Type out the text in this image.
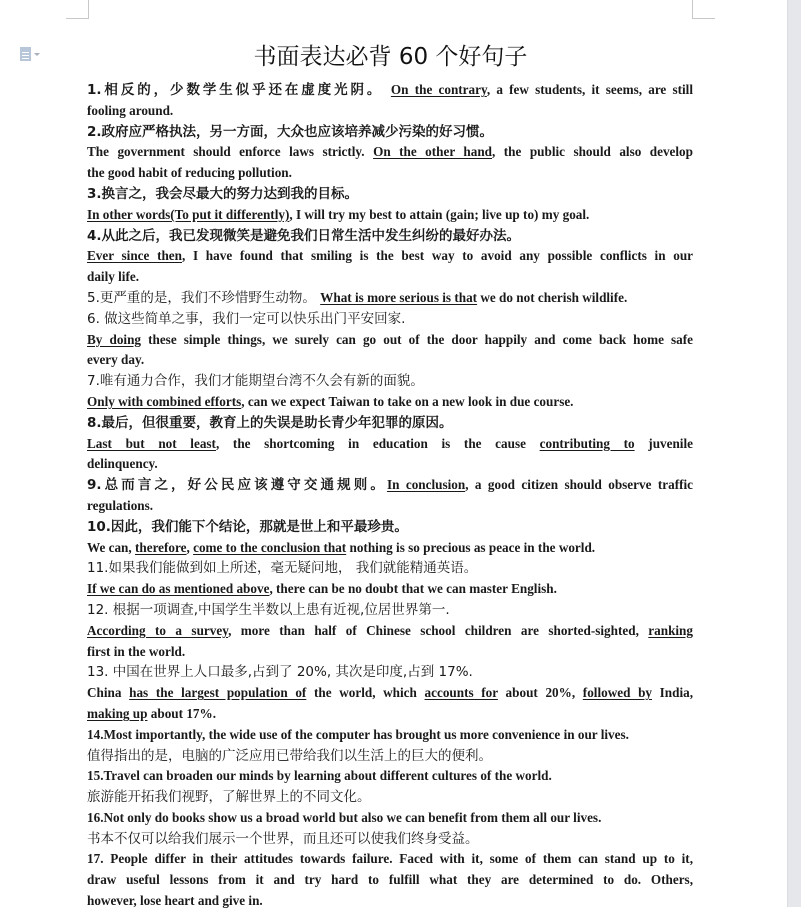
书面表达必背 60 个好句子
1.相反的，少数学生似乎还在虚度光阴。 On the contrary, a few students, it seems, are still
fooling around.
2.政府应严格执法，另一方面，大众也应该培养减少污染的好习惯。
The government should enforce laws strictly. On the other hand, the public should also develop
the good habit of reducing pollution.
3.换言之，我会尽最大的努力达到我的目标。
In other words(To put it differently), I will try my best to attain (gain; live up to) my goal.
4.从此之后，我已发现微笑是避免我们日常生活中发生纠纷的最好办法。
Ever since then, I have found that smiling is the best way to avoid any possible conflicts in our
daily life.
5.更严重的是，我们不珍惜野生动物。 What is more serious is that we do not cherish wildlife.
6. 做这些简单之事，我们一定可以快乐出门平安回家.
By doing these simple things, we surely can go out of the door happily and come back home safe
every day.
7.唯有通力合作，我们才能期望台湾不久会有新的面貌。
Only with combined efforts, can we expect Taiwan to take on a new look in due course.
8.最后，但很重要，教育上的失误是助长青少年犯罪的原因。
Last but not least, the shortcoming in education is the cause contributing to juvenile
delinquency.
9.总而言之，好公民应该遵守交通规则。In conclusion, a good citizen should observe traffic
regulations.
10.因此，我们能下个结论，那就是世上和平最珍贵。
We can, therefore, come to the conclusion that nothing is so precious as peace in the world.
11.如果我们能做到如上所述，毫无疑问地， 我们就能精通英语。
If we can do as mentioned above, there can be no doubt that we can master English.
12. 根据一项调查,中国学生半数以上患有近视,位居世界第一.
According to a survey, more than half of Chinese school children are shorted-sighted, ranking
first in the world.
13. 中国在世界上人口最多,占到了 20%, 其次是印度,占到 17%.
China has the largest population of the world, which accounts for about 20%, followed by India,
making up about 17%.
14.Most importantly, the wide use of the computer has brought us more convenience in our lives.
值得指出的是，电脑的广泛应用已带给我们以生活上的巨大的便利。
15.Travel can broaden our minds by learning about different cultures of the world.
旅游能开拓我们视野，了解世界上的不同文化。
16.Not only do books show us a broad world but also we can benefit from them all our lives.
书本不仅可以给我们展示一个世界，而且还可以使我们终身受益。
17. People differ in their attitudes towards failure. Faced with it, some of them can stand up to it,
draw useful lessons from it and try hard to fulfill what they are determined to do. Others,
however, lose heart and give in.
